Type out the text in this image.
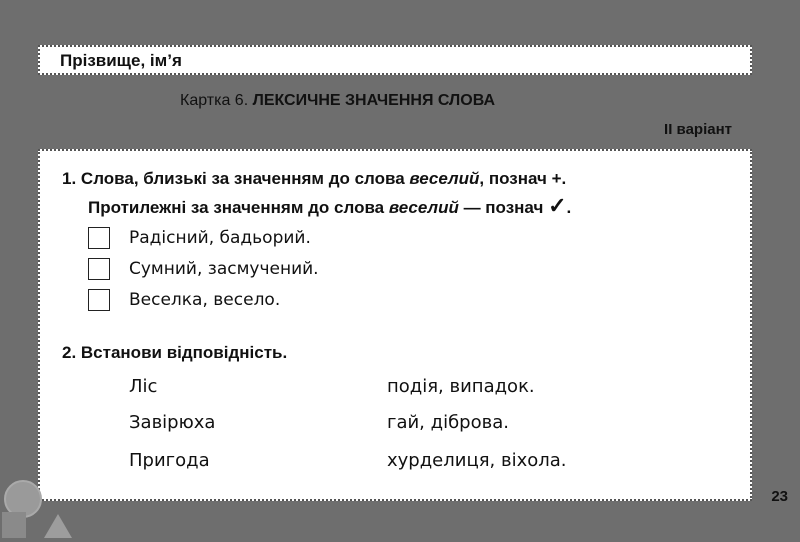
Прізвище, ім’я
Картка 6. ЛЕКСИЧНЕ ЗНАЧЕННЯ СЛОВА
II варіант
1. Слова, близькі за значенням до слова веселий, познач +.
Протилежні за значенням до слова веселий — познач ✓.
Радісний, бадьорий.
Сумний, засмучений.
Веселка, весело.
2. Встанови відповідність.
Ліс
Завірюха
Пригода
подія, випадок.
гай, діброва.
хурделиця, віхола.
23
